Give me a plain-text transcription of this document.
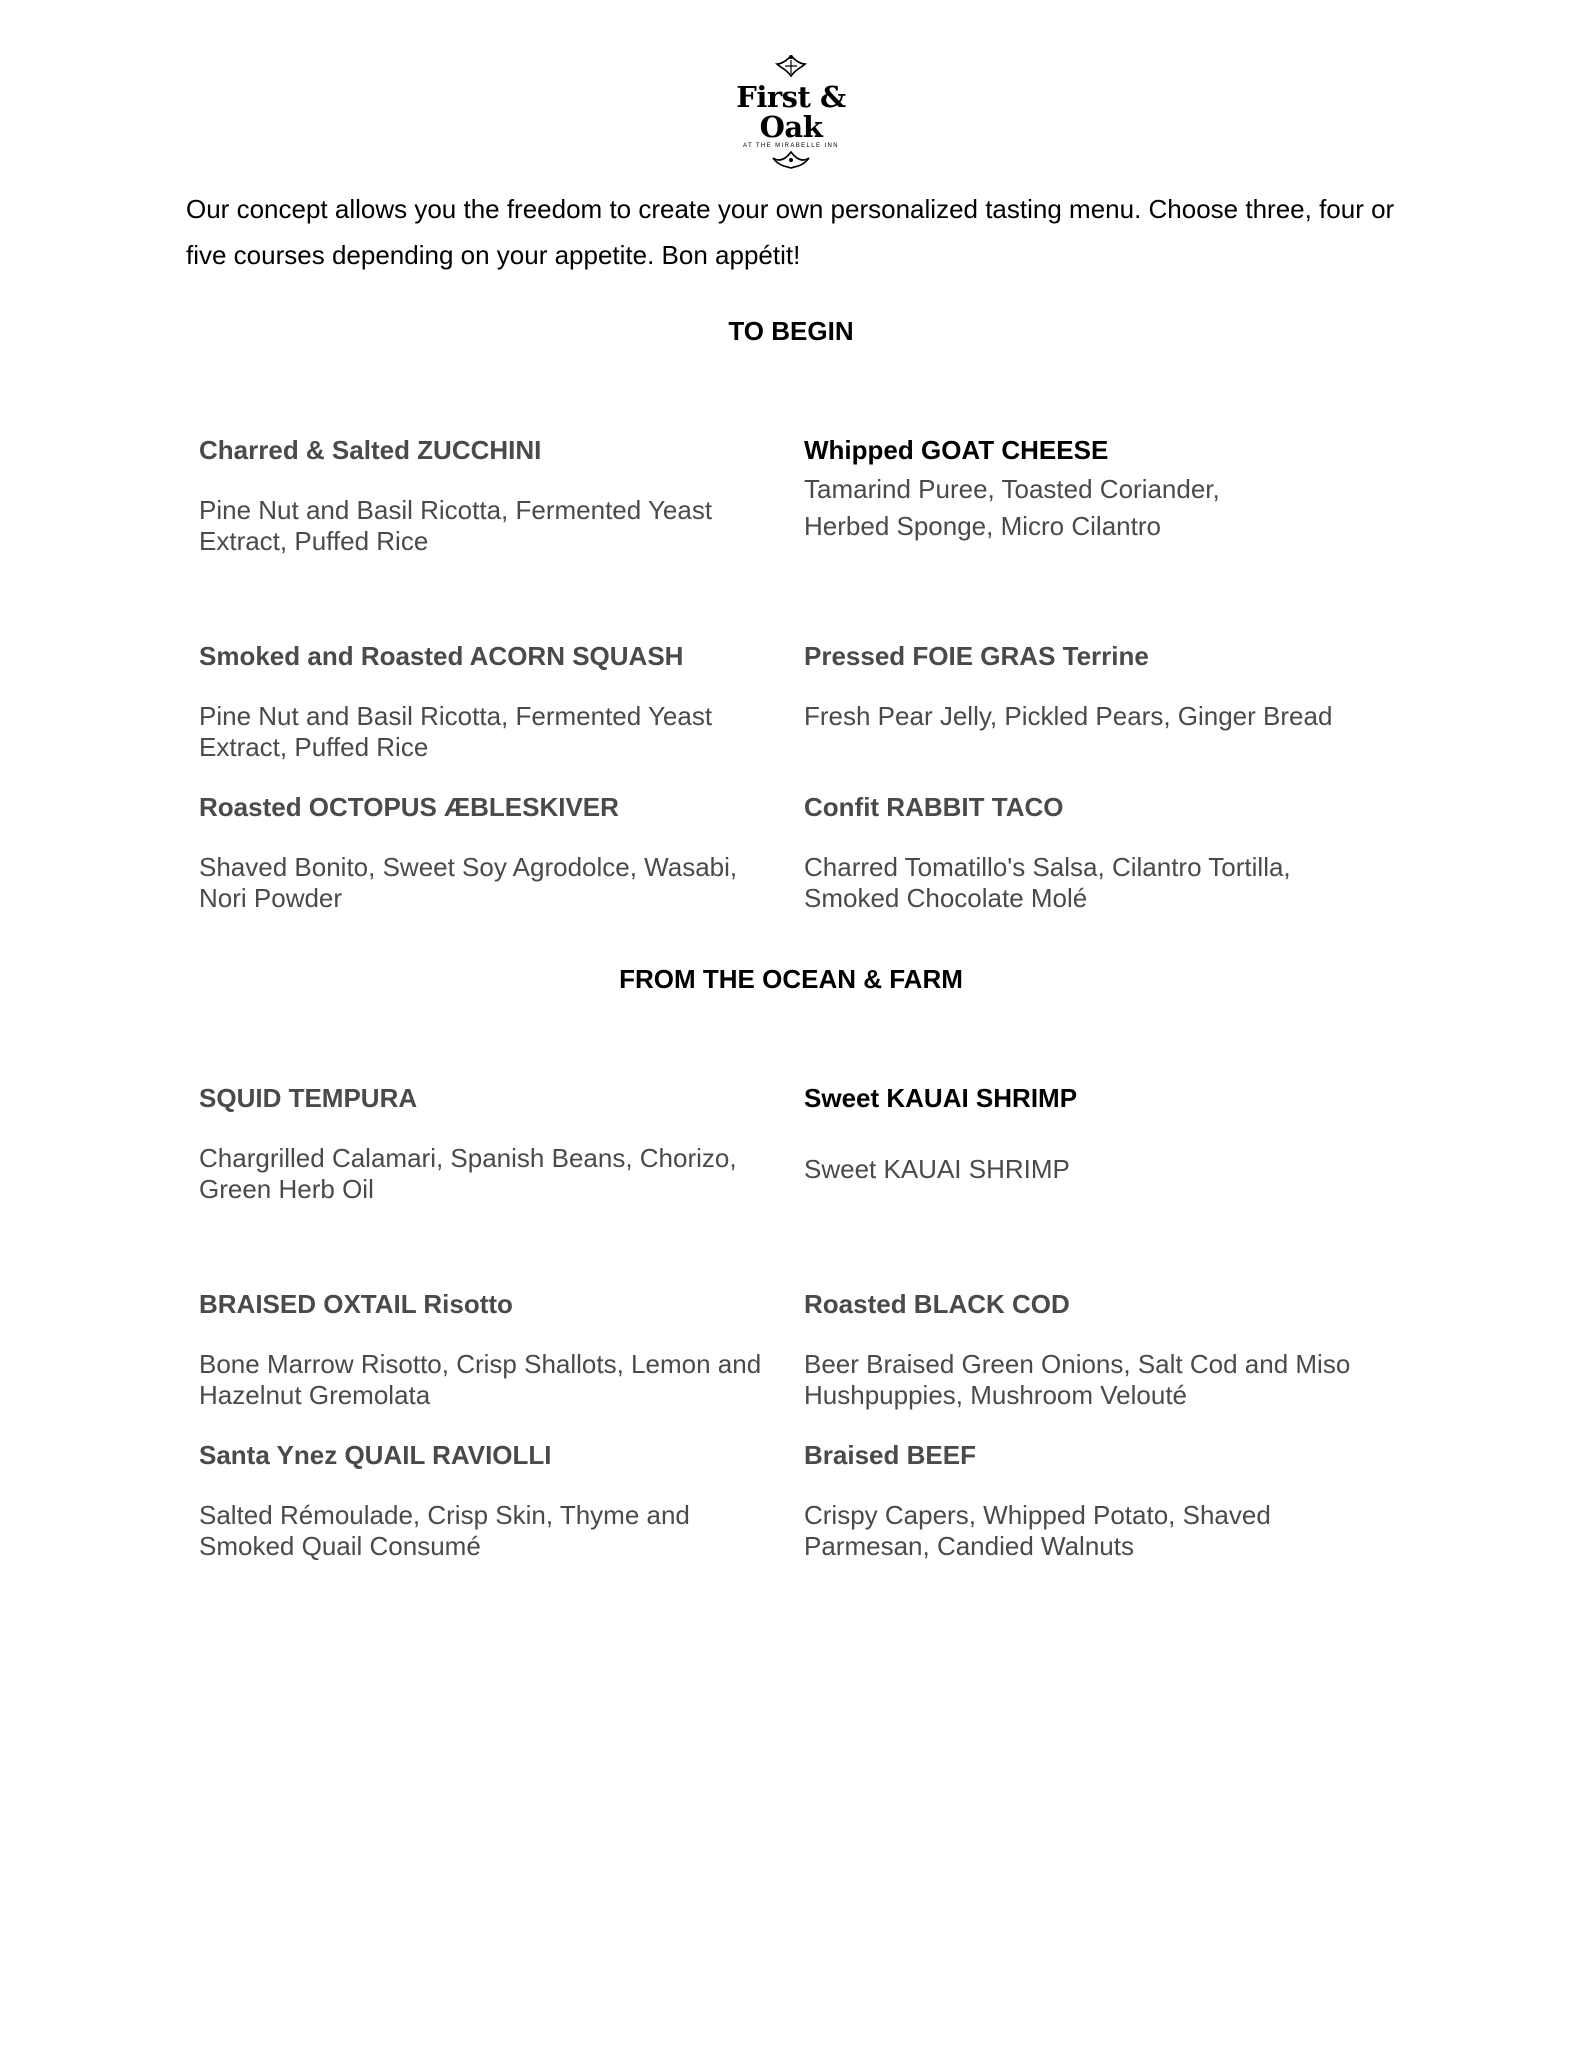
First & Oak
AT THE MIRABELLE INN
Our concept allows you the freedom to create your own personalized tasting menu. Choose three, four or five courses depending on your appetite. Bon appétit!
TO BEGIN
Charred & Salted ZUCCHINI
Pine Nut and Basil Ricotta, Fermented Yeast Extract, Puffed Rice
Whipped GOAT CHEESE
Tamarind Puree, Toasted Coriander, Herbed Sponge, Micro Cilantro
Smoked and Roasted ACORN SQUASH
Pine Nut and Basil Ricotta, Fermented Yeast Extract, Puffed Rice
Pressed FOIE GRAS Terrine
Fresh Pear Jelly, Pickled Pears, Ginger Bread
Roasted OCTOPUS ÆBLESKIVER
Shaved Bonito, Sweet Soy Agrodolce, Wasabi, Nori Powder
Confit RABBIT TACO
Charred Tomatillo's Salsa, Cilantro Tortilla, Smoked Chocolate Molé
FROM THE OCEAN & FARM
SQUID TEMPURA
Chargrilled Calamari, Spanish Beans, Chorizo, Green Herb Oil
Sweet KAUAI SHRIMP
Sweet KAUAI SHRIMP
BRAISED OXTAIL Risotto
Bone Marrow Risotto, Crisp Shallots, Lemon and Hazelnut Gremolata
Roasted BLACK COD
Beer Braised Green Onions, Salt Cod and Miso Hushpuppies, Mushroom Velouté
Santa Ynez QUAIL RAVIOLLI
Salted Rémoulade, Crisp Skin, Thyme and Smoked Quail Consumé
Braised BEEF
Crispy Capers, Whipped Potato, Shaved Parmesan, Candied Walnuts
